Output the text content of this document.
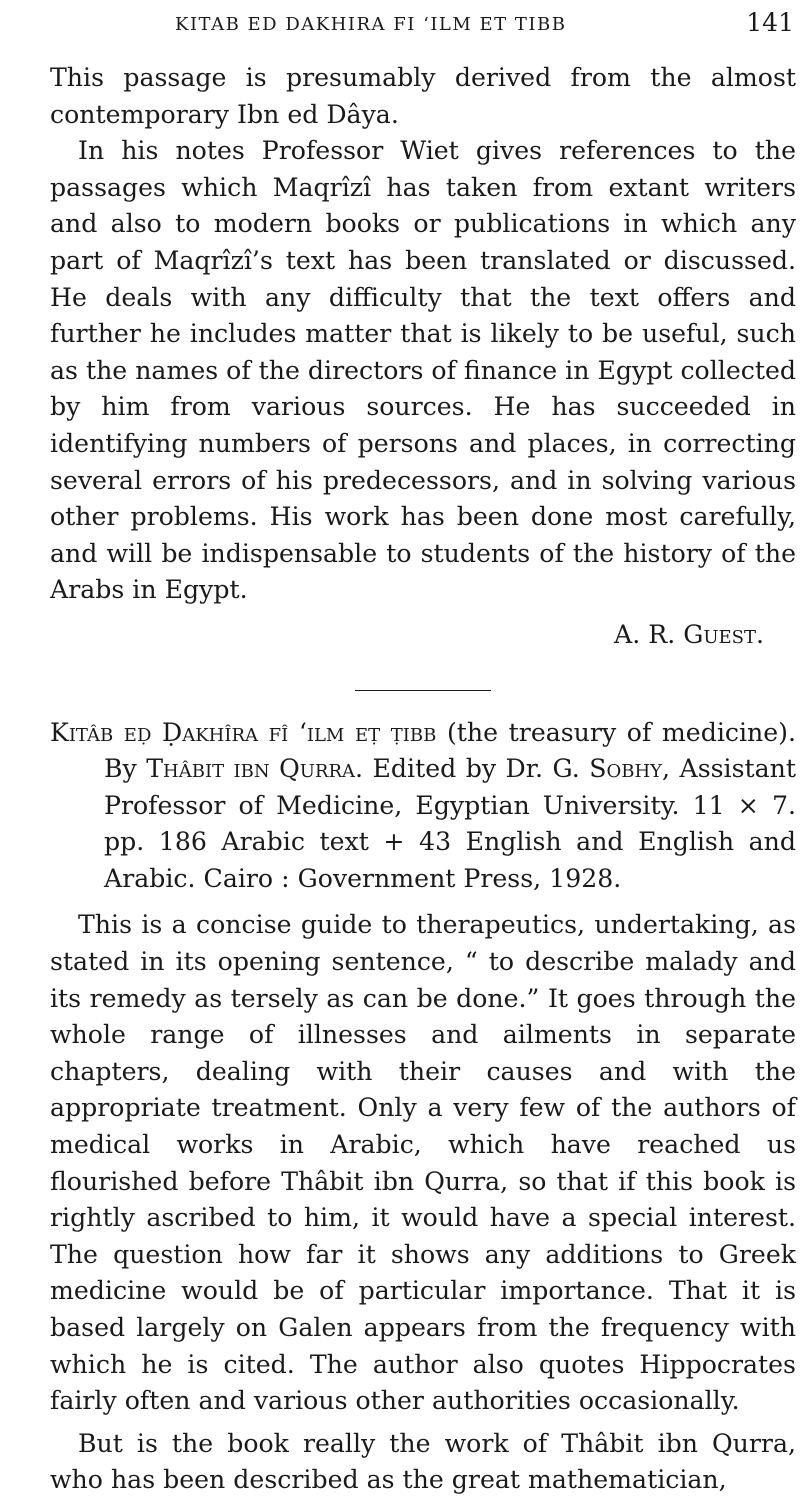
KITAB ED DAKHIRA FI ‘ILM ET TIBB	141

This passage is presumably derived from the almost contemporary Ibn ed Dâya.

In his notes Professor Wiet gives references to the passages which Maqrîzî has taken from extant writers and also to modern books or publications in which any part of Maqrîzî’s text has been translated or discussed. He deals with any difficulty that the text offers and further he includes matter that is likely to be useful, such as the names of the directors of finance in Egypt collected by him from various sources. He has succeeded in identifying numbers of persons and places, in correcting several errors of his predecessors, and in solving various other problems. His work has been done most carefully, and will be indispensable to students of the history of the Arabs in Egypt.

A. R. Guest.

Kitâb eḍ Ḍakhîra fî ‘ilm eṭ ṭibb (the treasury of medicine). By Thâbit ibn Qurra. Edited by Dr. G. Sobhy, Assistant Professor of Medicine, Egyptian University. 11 × 7. pp. 186 Arabic text + 43 English and English and Arabic. Cairo : Government Press, 1928.

This is a concise guide to therapeutics, undertaking, as stated in its opening sentence, “ to describe malady and its remedy as tersely as can be done.” It goes through the whole range of illnesses and ailments in separate chapters, dealing with their causes and with the appropriate treatment. Only a very few of the authors of medical works in Arabic, which have reached us flourished before Thâbit ibn Qurra, so that if this book is rightly ascribed to him, it would have a special interest. The question how far it shows any additions to Greek medicine would be of particular importance. That it is based largely on Galen appears from the frequency with which he is cited. The author also quotes Hippocrates fairly often and various other authorities occasionally.

But is the book really the work of Thâbit ibn Qurra, who has been described as the great mathematician,
